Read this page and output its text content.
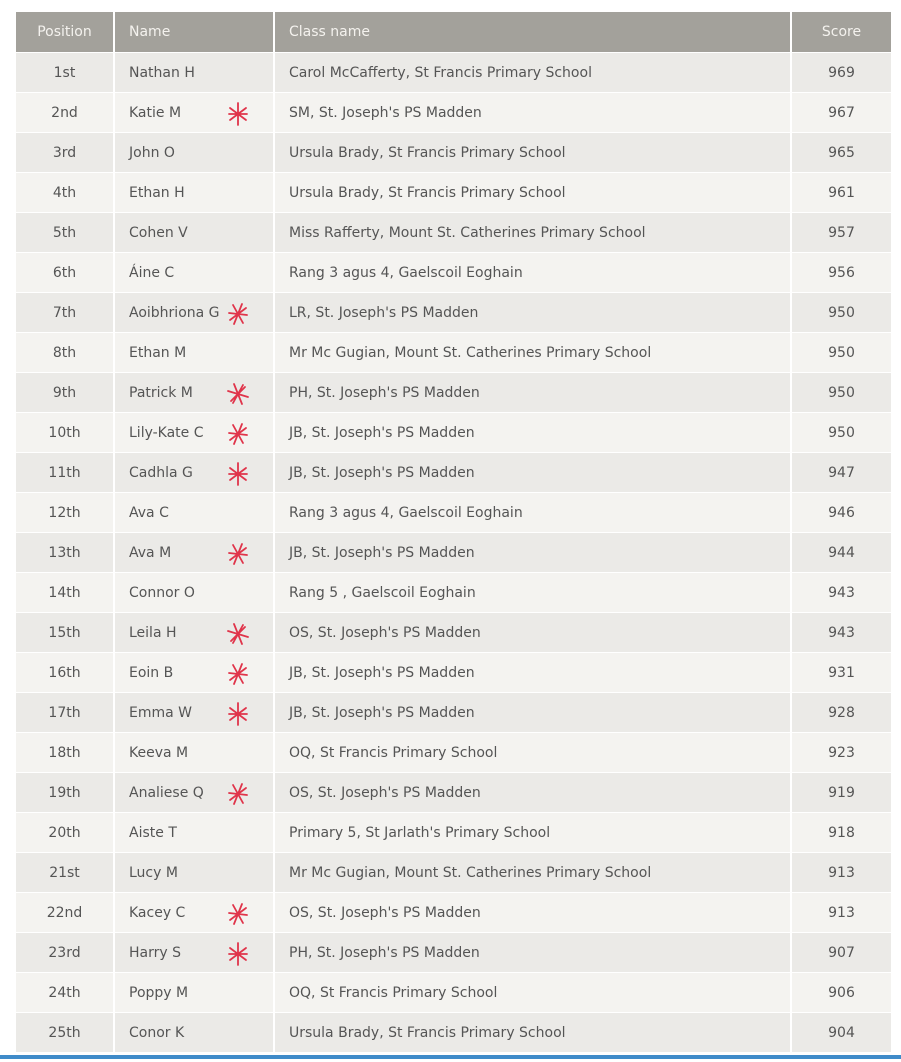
Position	Name	Class name	Score
1st	Nathan H	Carol McCafferty, St Francis Primary School	969
2nd	Katie M	SM, St. Joseph's PS Madden	967
3rd	John O	Ursula Brady, St Francis Primary School	965
4th	Ethan H	Ursula Brady, St Francis Primary School	961
5th	Cohen V	Miss Rafferty, Mount St. Catherines Primary School	957
6th	Áine C	Rang 3 agus 4, Gaelscoil Eoghain	956
7th	Aoibhriona G	LR, St. Joseph's PS Madden	950
8th	Ethan M	Mr Mc Gugian, Mount St. Catherines Primary School	950
9th	Patrick M	PH, St. Joseph's PS Madden	950
10th	Lily-Kate C	JB, St. Joseph's PS Madden	950
11th	Cadhla G	JB, St. Joseph's PS Madden	947
12th	Ava C	Rang 3 agus 4, Gaelscoil Eoghain	946
13th	Ava M	JB, St. Joseph's PS Madden	944
14th	Connor O	Rang 5 , Gaelscoil Eoghain	943
15th	Leila H	OS, St. Joseph's PS Madden	943
16th	Eoin B	JB, St. Joseph's PS Madden	931
17th	Emma W	JB, St. Joseph's PS Madden	928
18th	Keeva M	OQ, St Francis Primary School	923
19th	Analiese Q	OS, St. Joseph's PS Madden	919
20th	Aiste T	Primary 5, St Jarlath's Primary School	918
21st	Lucy M	Mr Mc Gugian, Mount St. Catherines Primary School	913
22nd	Kacey C	OS, St. Joseph's PS Madden	913
23rd	Harry S	PH, St. Joseph's PS Madden	907
24th	Poppy M	OQ, St Francis Primary School	906
25th	Conor K	Ursula Brady, St Francis Primary School	904
